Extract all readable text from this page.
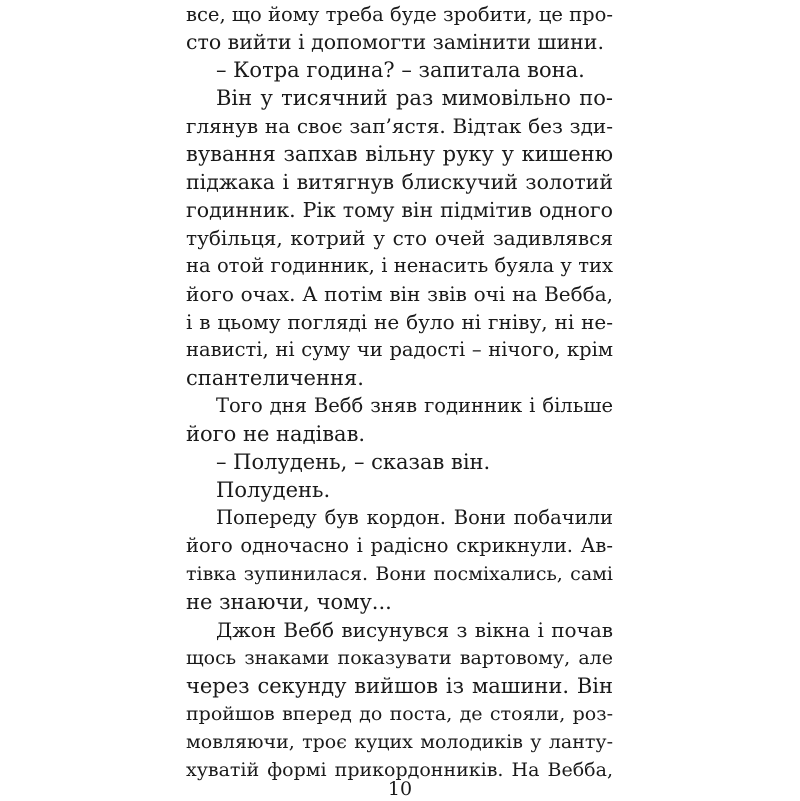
все, що йому треба буде зробити, це про-
сто вийти і допомогти замінити шини.
– Котра година? – запитала вона.
Він у тисячний раз мимовільно по-
глянув на своє зап’ястя. Відтак без зди-
вування запхав вільну руку у кишеню
піджака і витягнув блискучий золотий
годинник. Рік тому він підмітив одного
тубільця, котрий у сто очей задивлявся
на отой годинник, і ненасить буяла у тих
його очах. А потім він звів очі на Вебба,
і в цьому погляді не було ні гніву, ні не-
нависті, ні суму чи радості – нічого, крім
спантеличення.
Того дня Вебб зняв годинник і більше
його не надівав.
– Полудень, – сказав він.
Полудень.
Попереду був кордон. Вони побачили
його одночасно і радісно скрикнули. Ав-
тівка зупинилася. Вони посміхались, самі
не знаючи, чому...
Джон Вебб висунувся з вікна і почав
щось знаками показувати вартовому, але
через секунду вийшов із машини. Він
пройшов вперед до поста, де стояли, роз-
мовляючи, троє куцих молодиків у ланту-
хуватій формі прикордонників. На Вебба,
10
